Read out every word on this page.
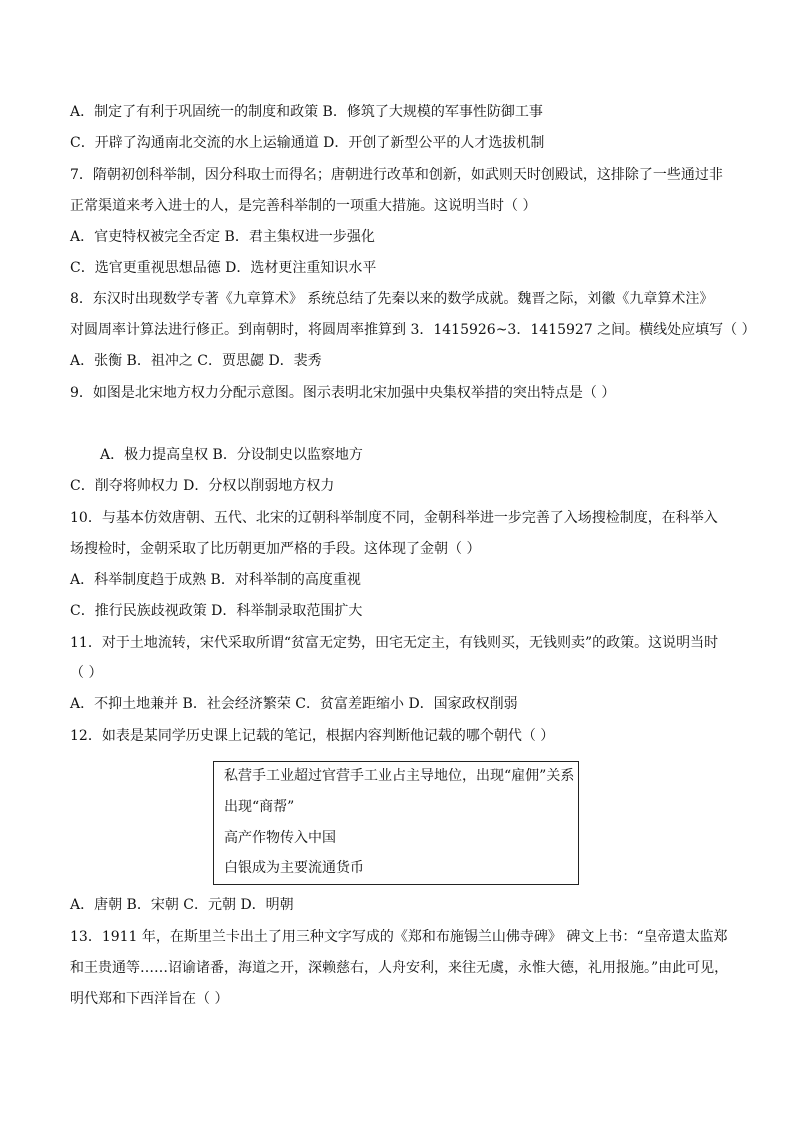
A．制定了有利于巩固统一的制度和政策 B．修筑了大规模的军事性防御工事
C．开辟了沟通南北交流的水上运输通道 D．开创了新型公平的人才选拔机制
7．隋朝初创科举制，因分科取士而得名；唐朝进行改革和创新，如武则天时创殿试，这排除了一些通过非
正常渠道来考入进士的人，是完善科举制的一项重大措施。这说明当时（ ）
A．官吏特权被完全否定 B．君主集权进一步强化
C．选官更重视思想品德 D．选材更注重知识水平
8．东汉时出现数学专著《九章算术》 系统总结了先秦以来的数学成就。魏晋之际，刘徽《九章算术注》
对圆周率计算法进行修正。到南朝时，将圆周率推算到 3．1415926~3．1415927 之间。横线处应填写（ ）
A．张衡 B．祖冲之 C．贾思勰 D．裴秀
9．如图是北宋地方权力分配示意图。图示表明北宋加强中央集权举措的突出特点是（ ）
A．极力提高皇权 B．分设制史以监察地方
C．削夺将帅权力 D．分权以削弱地方权力
10．与基本仿效唐朝、五代、北宋的辽朝科举制度不同，金朝科举进一步完善了入场搜检制度，在科举入
场搜检时，金朝采取了比历朝更加严格的手段。这体现了金朝（ ）
A．科举制度趋于成熟 B．对科举制的高度重视
C．推行民族歧视政策 D．科举制录取范围扩大
11．对于土地流转，宋代采取所谓“贫富无定势，田宅无定主，有钱则买，无钱则卖”的政策。这说明当时
（ ）
A．不抑土地兼并 B．社会经济繁荣 C．贫富差距缩小 D．国家政权削弱
12．如表是某同学历史课上记载的笔记，根据内容判断他记载的哪个朝代（ ）
私营手工业超过官营手工业占主导地位，出现“雇佣”关系
出现“商帮”
高产作物传入中国
白银成为主要流通货币
A．唐朝 B．宋朝 C．元朝 D．明朝
13．1911 年，在斯里兰卡出土了用三种文字写成的《郑和布施锡兰山佛寺碑》 碑文上书：“皇帝遣太监郑
和王贵通等……诏谕诸番，海道之开，深赖慈右，人舟安利，来往无虞，永惟大德，礼用报施。”由此可见，
明代郑和下西洋旨在（ ）
